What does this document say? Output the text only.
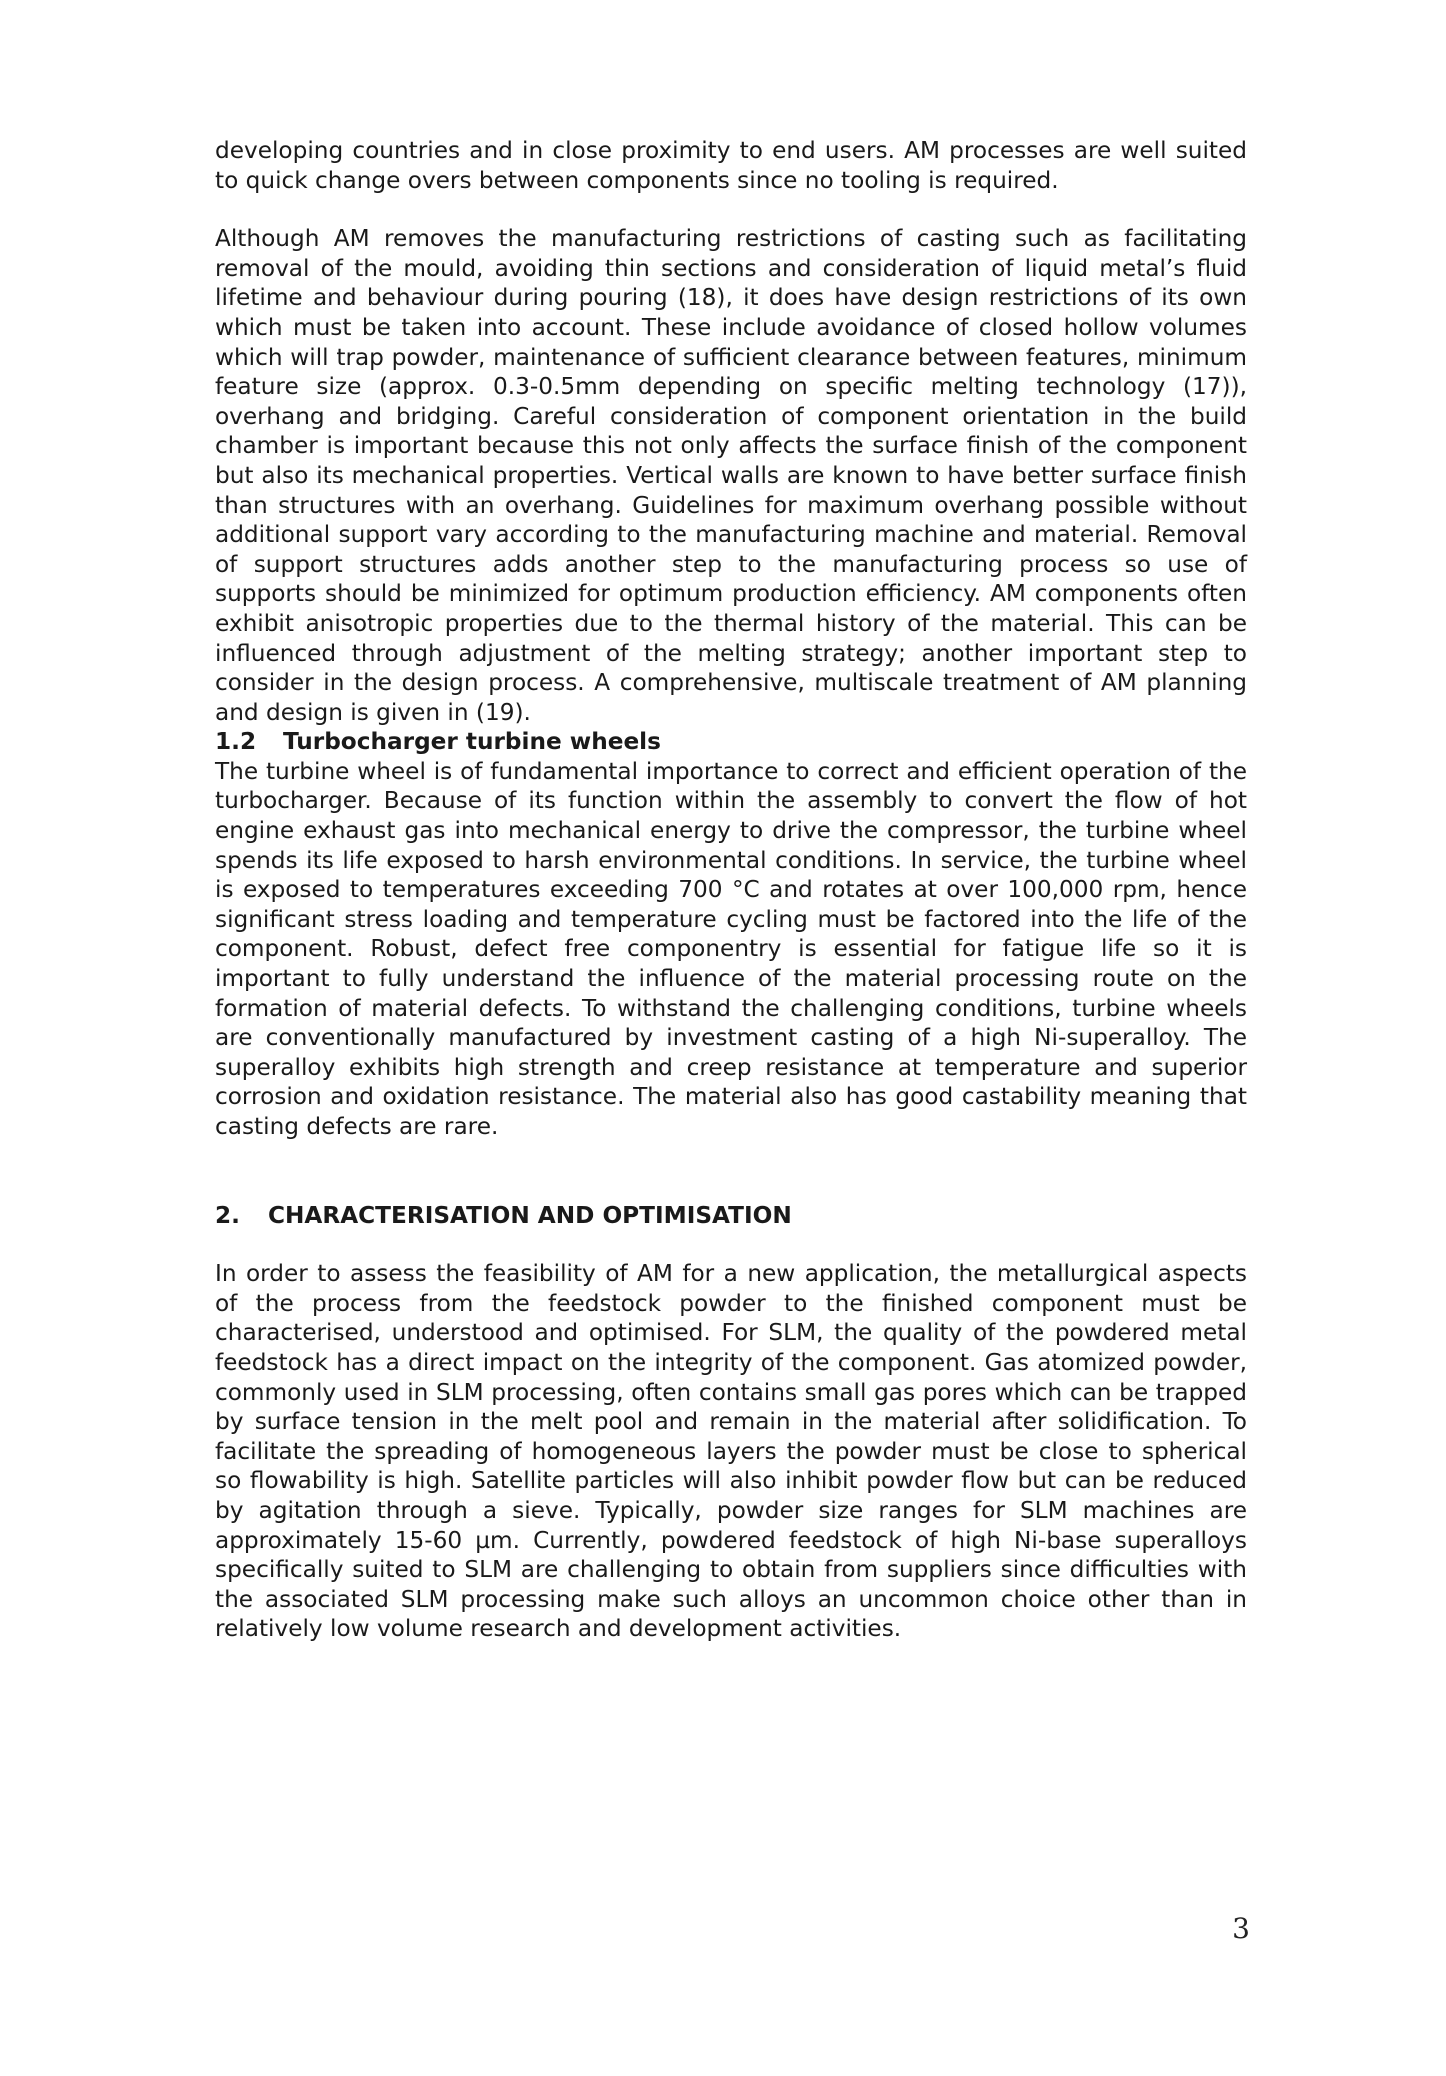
developing countries and in close proximity to end users. AM processes are well suited to quick change overs between components since no tooling is required.

Although AM removes the manufacturing restrictions of casting such as facilitating removal of the mould, avoiding thin sections and consideration of liquid metal’s fluid lifetime and behaviour during pouring (18), it does have design restrictions of its own which must be taken into account. These include avoidance of closed hollow volumes which will trap powder, maintenance of sufficient clearance between features, minimum feature size (approx. 0.3-0.5mm depending on specific melting technology (17)), overhang and bridging. Careful consideration of component orientation in the build chamber is important because this not only affects the surface finish of the component but also its mechanical properties. Vertical walls are known to have better surface finish than structures with an overhang. Guidelines for maximum overhang possible without additional support vary according to the manufacturing machine and material. Removal of support structures adds another step to the manufacturing process so use of supports should be minimized for optimum production efficiency. AM components often exhibit anisotropic properties due to the thermal history of the material. This can be influenced through adjustment of the melting strategy; another important step to consider in the design process. A comprehensive, multiscale treatment of AM planning and design is given in (19).

1.2 Turbocharger turbine wheels

The turbine wheel is of fundamental importance to correct and efficient operation of the turbocharger. Because of its function within the assembly to convert the flow of hot engine exhaust gas into mechanical energy to drive the compressor, the turbine wheel spends its life exposed to harsh environmental conditions. In service, the turbine wheel is exposed to temperatures exceeding 700 °C and rotates at over 100,000 rpm, hence significant stress loading and temperature cycling must be factored into the life of the component. Robust, defect free componentry is essential for fatigue life so it is important to fully understand the influence of the material processing route on the formation of material defects. To withstand the challenging conditions, turbine wheels are conventionally manufactured by investment casting of a high Ni-superalloy. The superalloy exhibits high strength and creep resistance at temperature and superior corrosion and oxidation resistance. The material also has good castability meaning that casting defects are rare.

2. CHARACTERISATION AND OPTIMISATION

In order to assess the feasibility of AM for a new application, the metallurgical aspects of the process from the feedstock powder to the finished component must be characterised, understood and optimised. For SLM, the quality of the powdered metal feedstock has a direct impact on the integrity of the component. Gas atomized powder, commonly used in SLM processing, often contains small gas pores which can be trapped by surface tension in the melt pool and remain in the material after solidification. To facilitate the spreading of homogeneous layers the powder must be close to spherical so flowability is high. Satellite particles will also inhibit powder flow but can be reduced by agitation through a sieve. Typically, powder size ranges for SLM machines are approximately 15-60 µm. Currently, powdered feedstock of high Ni-base superalloys specifically suited to SLM are challenging to obtain from suppliers since difficulties with the associated SLM processing make such alloys an uncommon choice other than in relatively low volume research and development activities.

3
